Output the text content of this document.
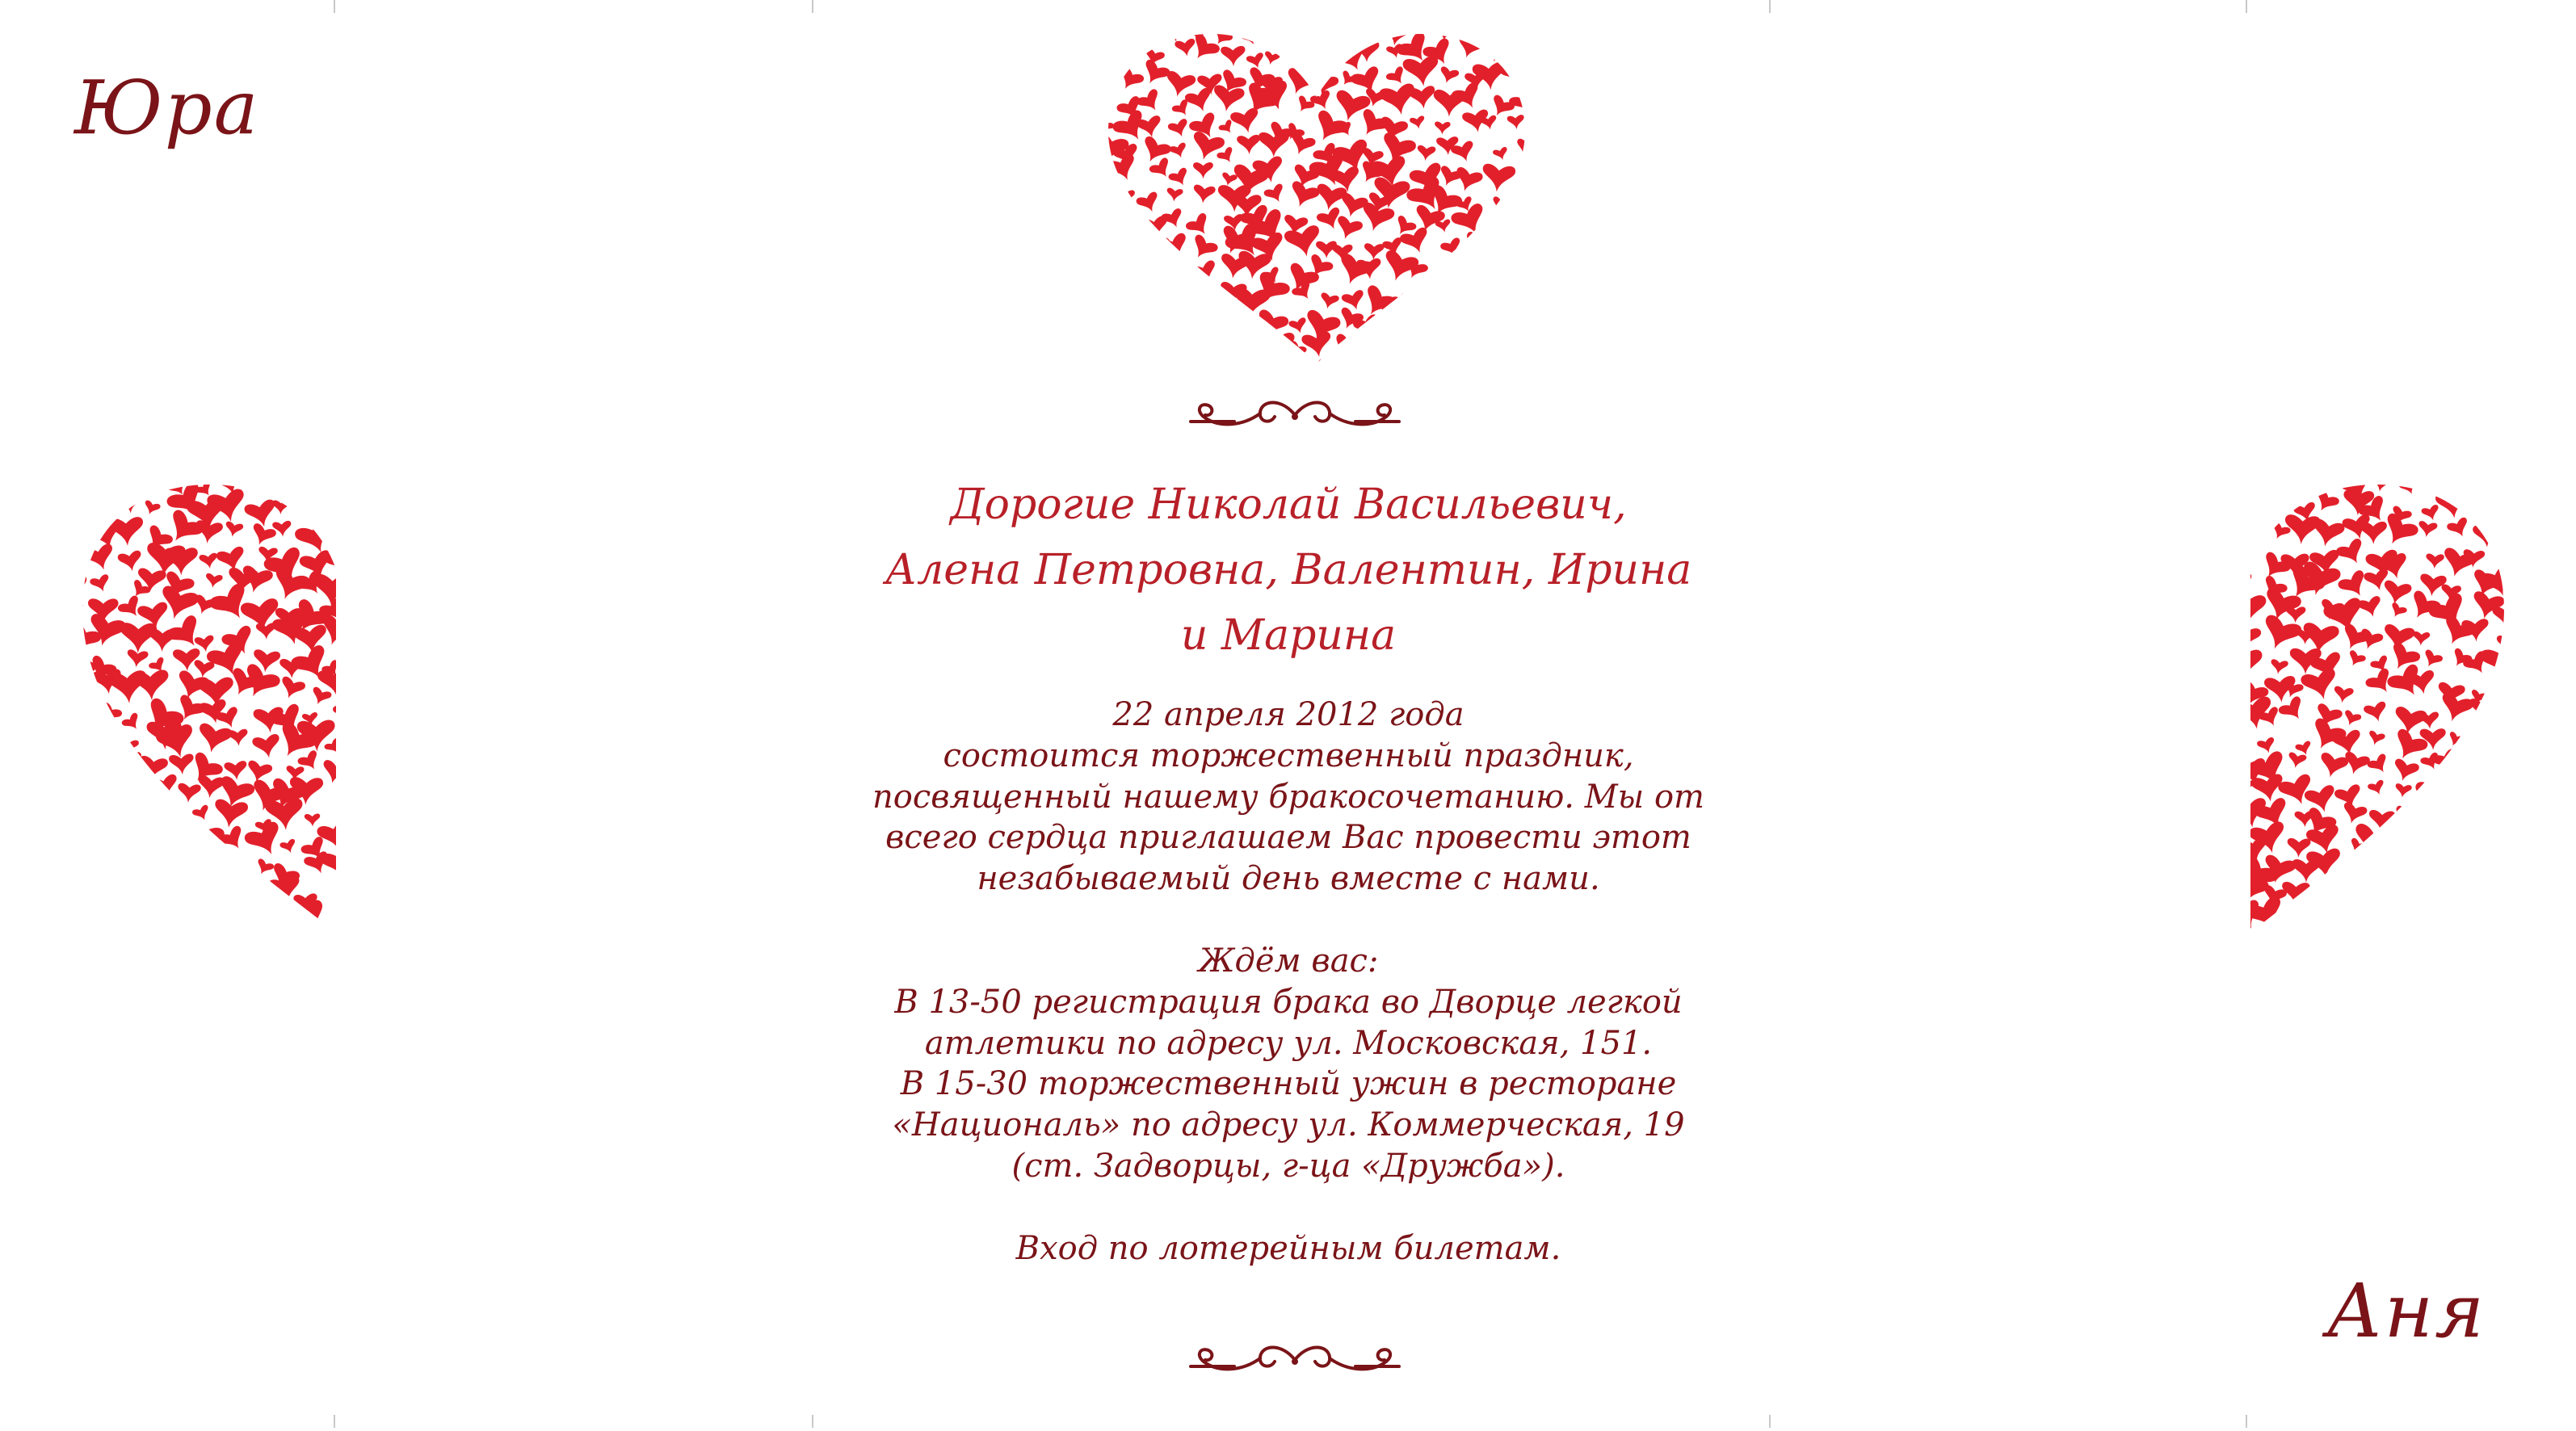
Юра
Аня
Дорогие Николай Васильевич,
Алена Петровна, Валентин, Ирина
и Марина
22 апреля 2012 года
состоится торжественный праздник,
посвященный нашему бракосочетанию. Мы от
всего сердца приглашаем Вас провести этот
незабываемый день вместе с нами.
Ждём вас:
В 13-50 регистрация брака во Дворце легкой
атлетики по адресу ул. Московская, 151.
В 15-30 торжественный ужин в ресторане
«Националь» по адресу ул. Коммерческая, 19
(ст. Задворцы, г-ца «Дружба»).
Вход по лотерейным билетам.
